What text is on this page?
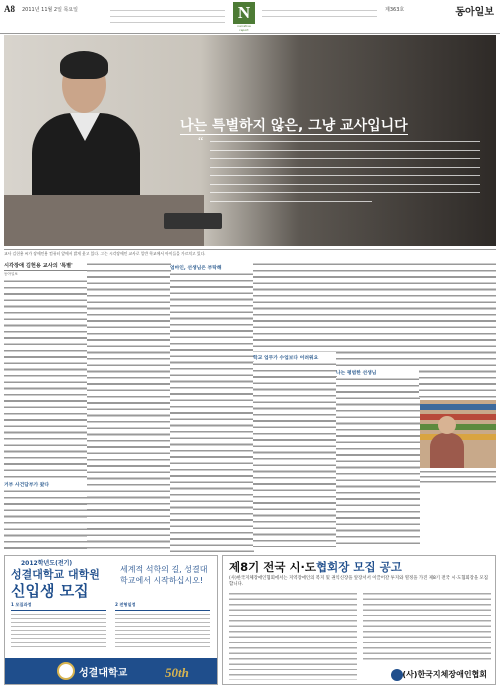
A8 2011년 11월 2일 목요일	N
narrative report
제363호	동아일보
나는 특별하지 않은, 그냥 교사입니다
“
교사 김헌용 씨가 장애인용 컴퓨터 앞에서 밝게 웃고 있다. 그는 시각장애인 교사로 일반 학교에서 아이들을 가르치고 있다.
시각장애 김헌용 교사의 '특별'
동아일보
거부 사건담부가 왔다
엄마인, 선생님은 부탁해
학교 업무가 수업보다 어려워요
나는 평범한 선생님
2012학년도(전기)
성결대학교 대학원
신입생 모집
세계적 석학의 길, 성결대학교에서 시작하십시오!
1 모집과정	2 전형일정
성결대학교	50th
제8기 전국 시·도협회장 모집 공고
(사)한국지체장애인협회에서는 지역장애인의 복지 및 권익신장을 앞장서서 이끌어갈 투지와 열정을 가진 제8기 전국 시·도협회장을 모집합니다.
(사)한국지체장애인협회
